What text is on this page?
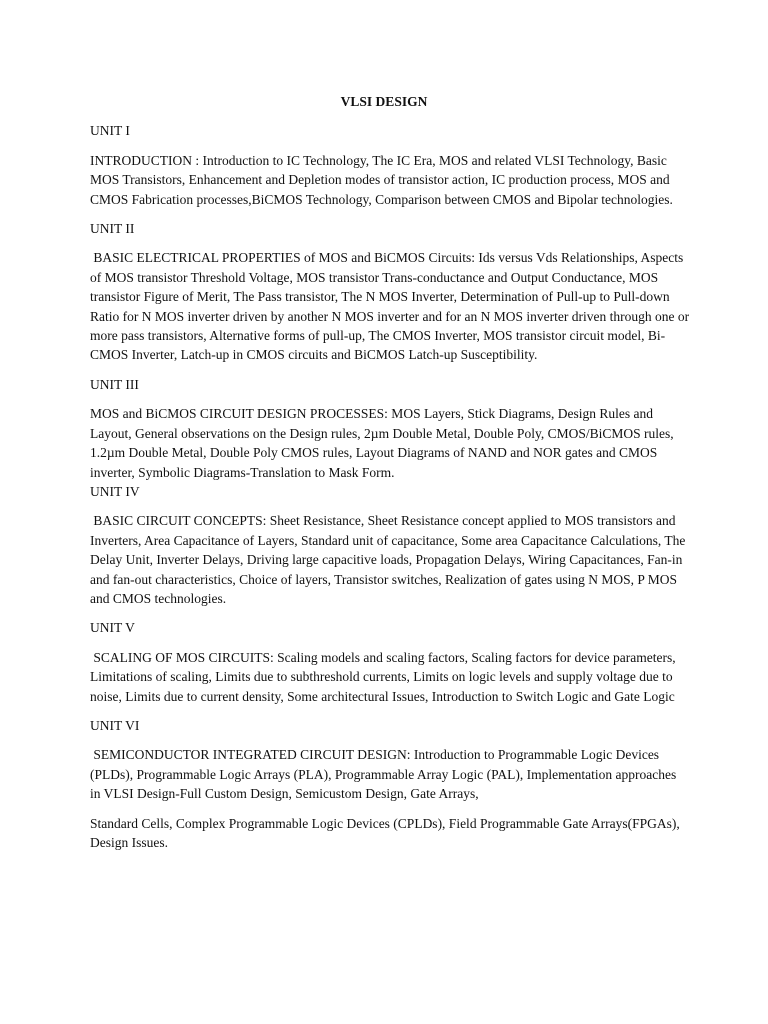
VLSI DESIGN
UNIT I
INTRODUCTION : Introduction to IC Technology, The IC Era, MOS and related VLSI Technology, Basic MOS Transistors, Enhancement and Depletion modes of transistor action, IC production process, MOS and CMOS Fabrication processes,BiCMOS Technology, Comparison between CMOS and Bipolar technologies.
UNIT II
BASIC ELECTRICAL PROPERTIES of MOS and BiCMOS Circuits: Ids versus Vds Relationships, Aspects of MOS transistor Threshold Voltage, MOS transistor Trans-conductance and Output Conductance, MOS transistor Figure of Merit, The Pass transistor, The N MOS Inverter, Determination of Pull-up to Pull-down Ratio for N MOS inverter driven by another N MOS inverter and for an N MOS inverter driven through one or more pass transistors, Alternative forms of pull-up, The CMOS Inverter, MOS transistor circuit model, Bi-CMOS Inverter, Latch-up in CMOS circuits and BiCMOS Latch-up Susceptibility.
UNIT III
MOS and BiCMOS CIRCUIT DESIGN PROCESSES: MOS Layers, Stick Diagrams, Design Rules and Layout, General observations on the Design rules, 2µm Double Metal, Double Poly, CMOS/BiCMOS rules, 1.2µm Double Metal, Double Poly CMOS rules, Layout Diagrams of NAND and NOR gates and CMOS inverter, Symbolic Diagrams-Translation to Mask Form.
UNIT IV
BASIC CIRCUIT CONCEPTS: Sheet Resistance, Sheet Resistance concept applied to MOS transistors and Inverters, Area Capacitance of Layers, Standard unit of capacitance, Some area Capacitance Calculations, The Delay Unit, Inverter Delays, Driving large capacitive loads, Propagation Delays, Wiring Capacitances, Fan-in and fan-out characteristics, Choice of layers, Transistor switches, Realization of gates using N MOS, P MOS and CMOS technologies.
UNIT V
SCALING OF MOS CIRCUITS: Scaling models and scaling factors, Scaling factors for device parameters, Limitations of scaling, Limits due to subthreshold currents, Limits on logic levels and supply voltage due to noise, Limits due to current density, Some architectural Issues, Introduction to Switch Logic and Gate Logic
UNIT VI
SEMICONDUCTOR INTEGRATED CIRCUIT DESIGN: Introduction to Programmable Logic Devices (PLDs), Programmable Logic Arrays (PLA), Programmable Array Logic (PAL), Implementation approaches in VLSI Design-Full Custom Design, Semicustom Design, Gate Arrays,
Standard Cells, Complex Programmable Logic Devices (CPLDs), Field Programmable Gate Arrays(FPGAs), Design Issues.
